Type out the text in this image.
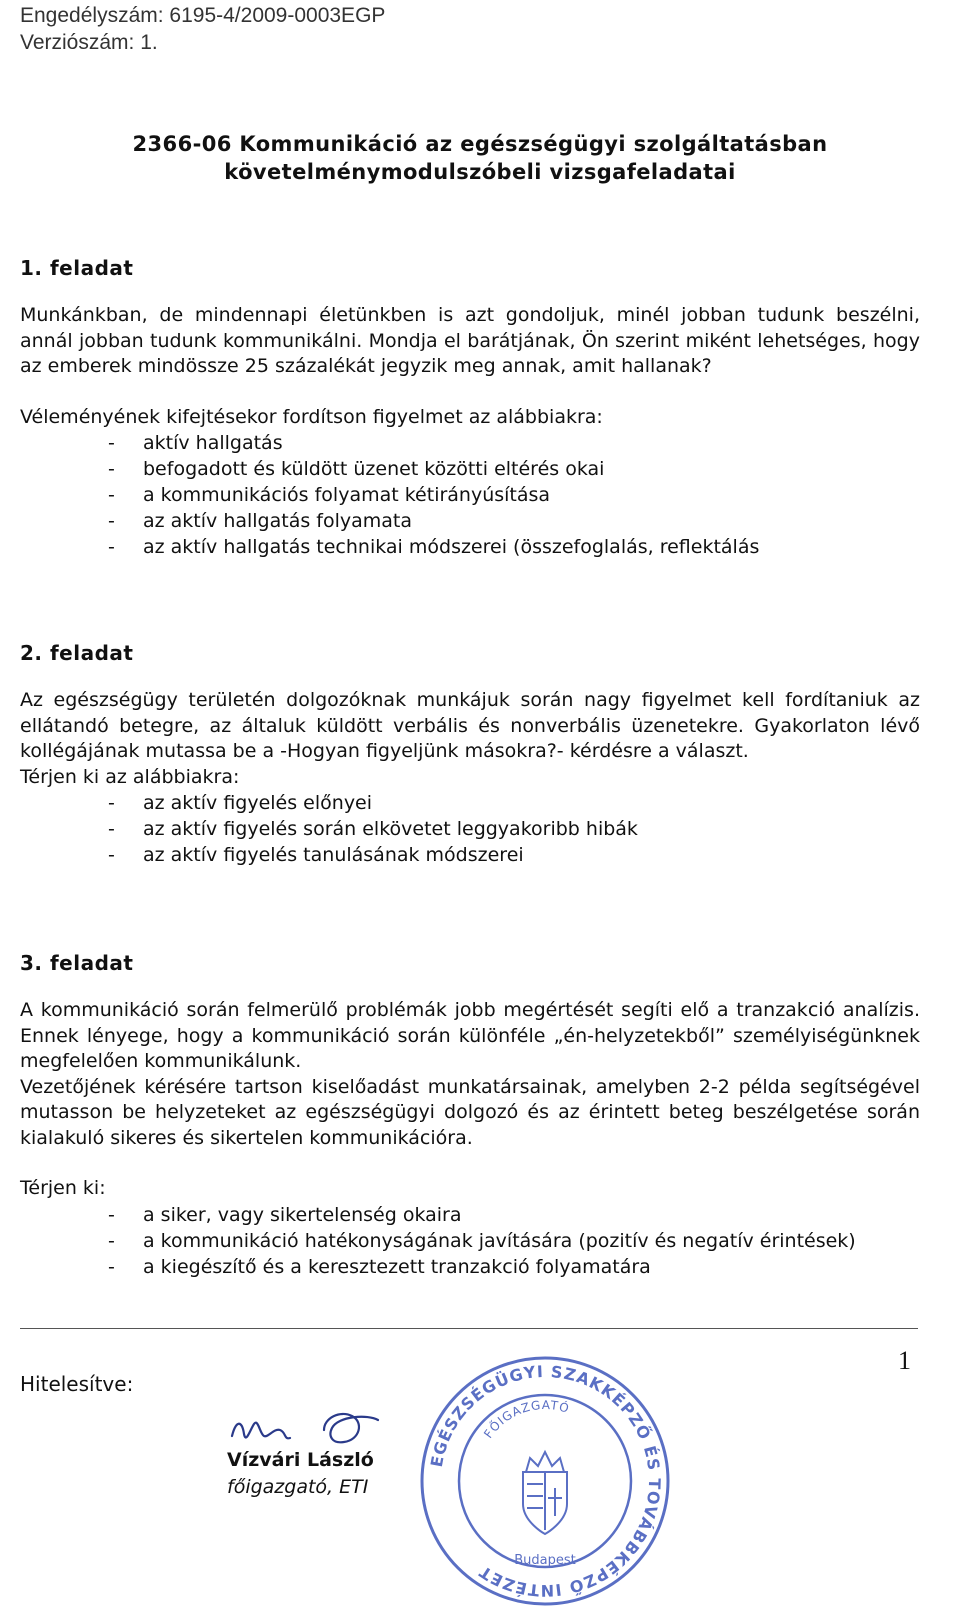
Engedélyszám: 6195-4/2009-0003EGP
Verziószám: 1.
2366-06 Kommunikáció az egészségügyi szolgáltatásban
követelménymodulszóbeli vizsgafeladatai
1. feladat

Munkánkban, de mindennapi életünkben is azt gondoljuk, minél jobban tudunk beszélni, annál jobban tudunk kommunikálni. Mondja el barátjának, Ön szerint miként lehetséges, hogy az emberek mindössze 25 százalékát jegyzik meg annak, amit hallanak?

Véleményének kifejtésekor fordítson figyelmet az alábbiakra:

- aktív hallgatás
- befogadott és küldött üzenet közötti eltérés okai
- a kommunikációs folyamat kétirányúsítása
- az aktív hallgatás folyamata
- az aktív hallgatás technikai módszerei (összefoglalás, reflektálás
2. feladat

Az egészségügy területén dolgozóknak munkájuk során nagy figyelmet kell fordítaniuk az ellátandó betegre, az általuk küldött verbális és nonverbális üzenetekre. Gyakorlaton lévő kollégájának mutassa be a -Hogyan figyeljünk másokra?- kérdésre a választ.

Térjen ki az alábbiakra:

- az aktív figyelés előnyei
- az aktív figyelés során elkövetet leggyakoribb hibák
- az aktív figyelés tanulásának módszerei
3. feladat

A kommunikáció során felmerülő problémák jobb megértését segíti elő a tranzakció analízis. Ennek lényege, hogy a kommunikáció során különféle „én-helyzetekből” személyiségünknek megfelelően kommunikálunk.

Vezetőjének kérésére tartson kiselőadást munkatársainak, amelyben 2-2 példa segítségével mutasson be helyzeteket az egészségügyi dolgozó és az érintett beteg beszélgetése során kialakuló sikeres és sikertelen kommunikációra.

Térjen ki:

- a siker, vagy sikertelenség okaira
- a kommunikáció hatékonyságának javítására (pozitív és negatív érintések)
- a kiegészítő és a keresztezett tranzakció folyamatára
1
Hitelesítve:
Vízvári László
főigazgató, ETI
EGÉSZSÉGÜGYI SZAKKÉPZŐ ÉS TOVÁBBKÉPZŐ INTÉZET
FŐIGAZGATÓ
Budapest
